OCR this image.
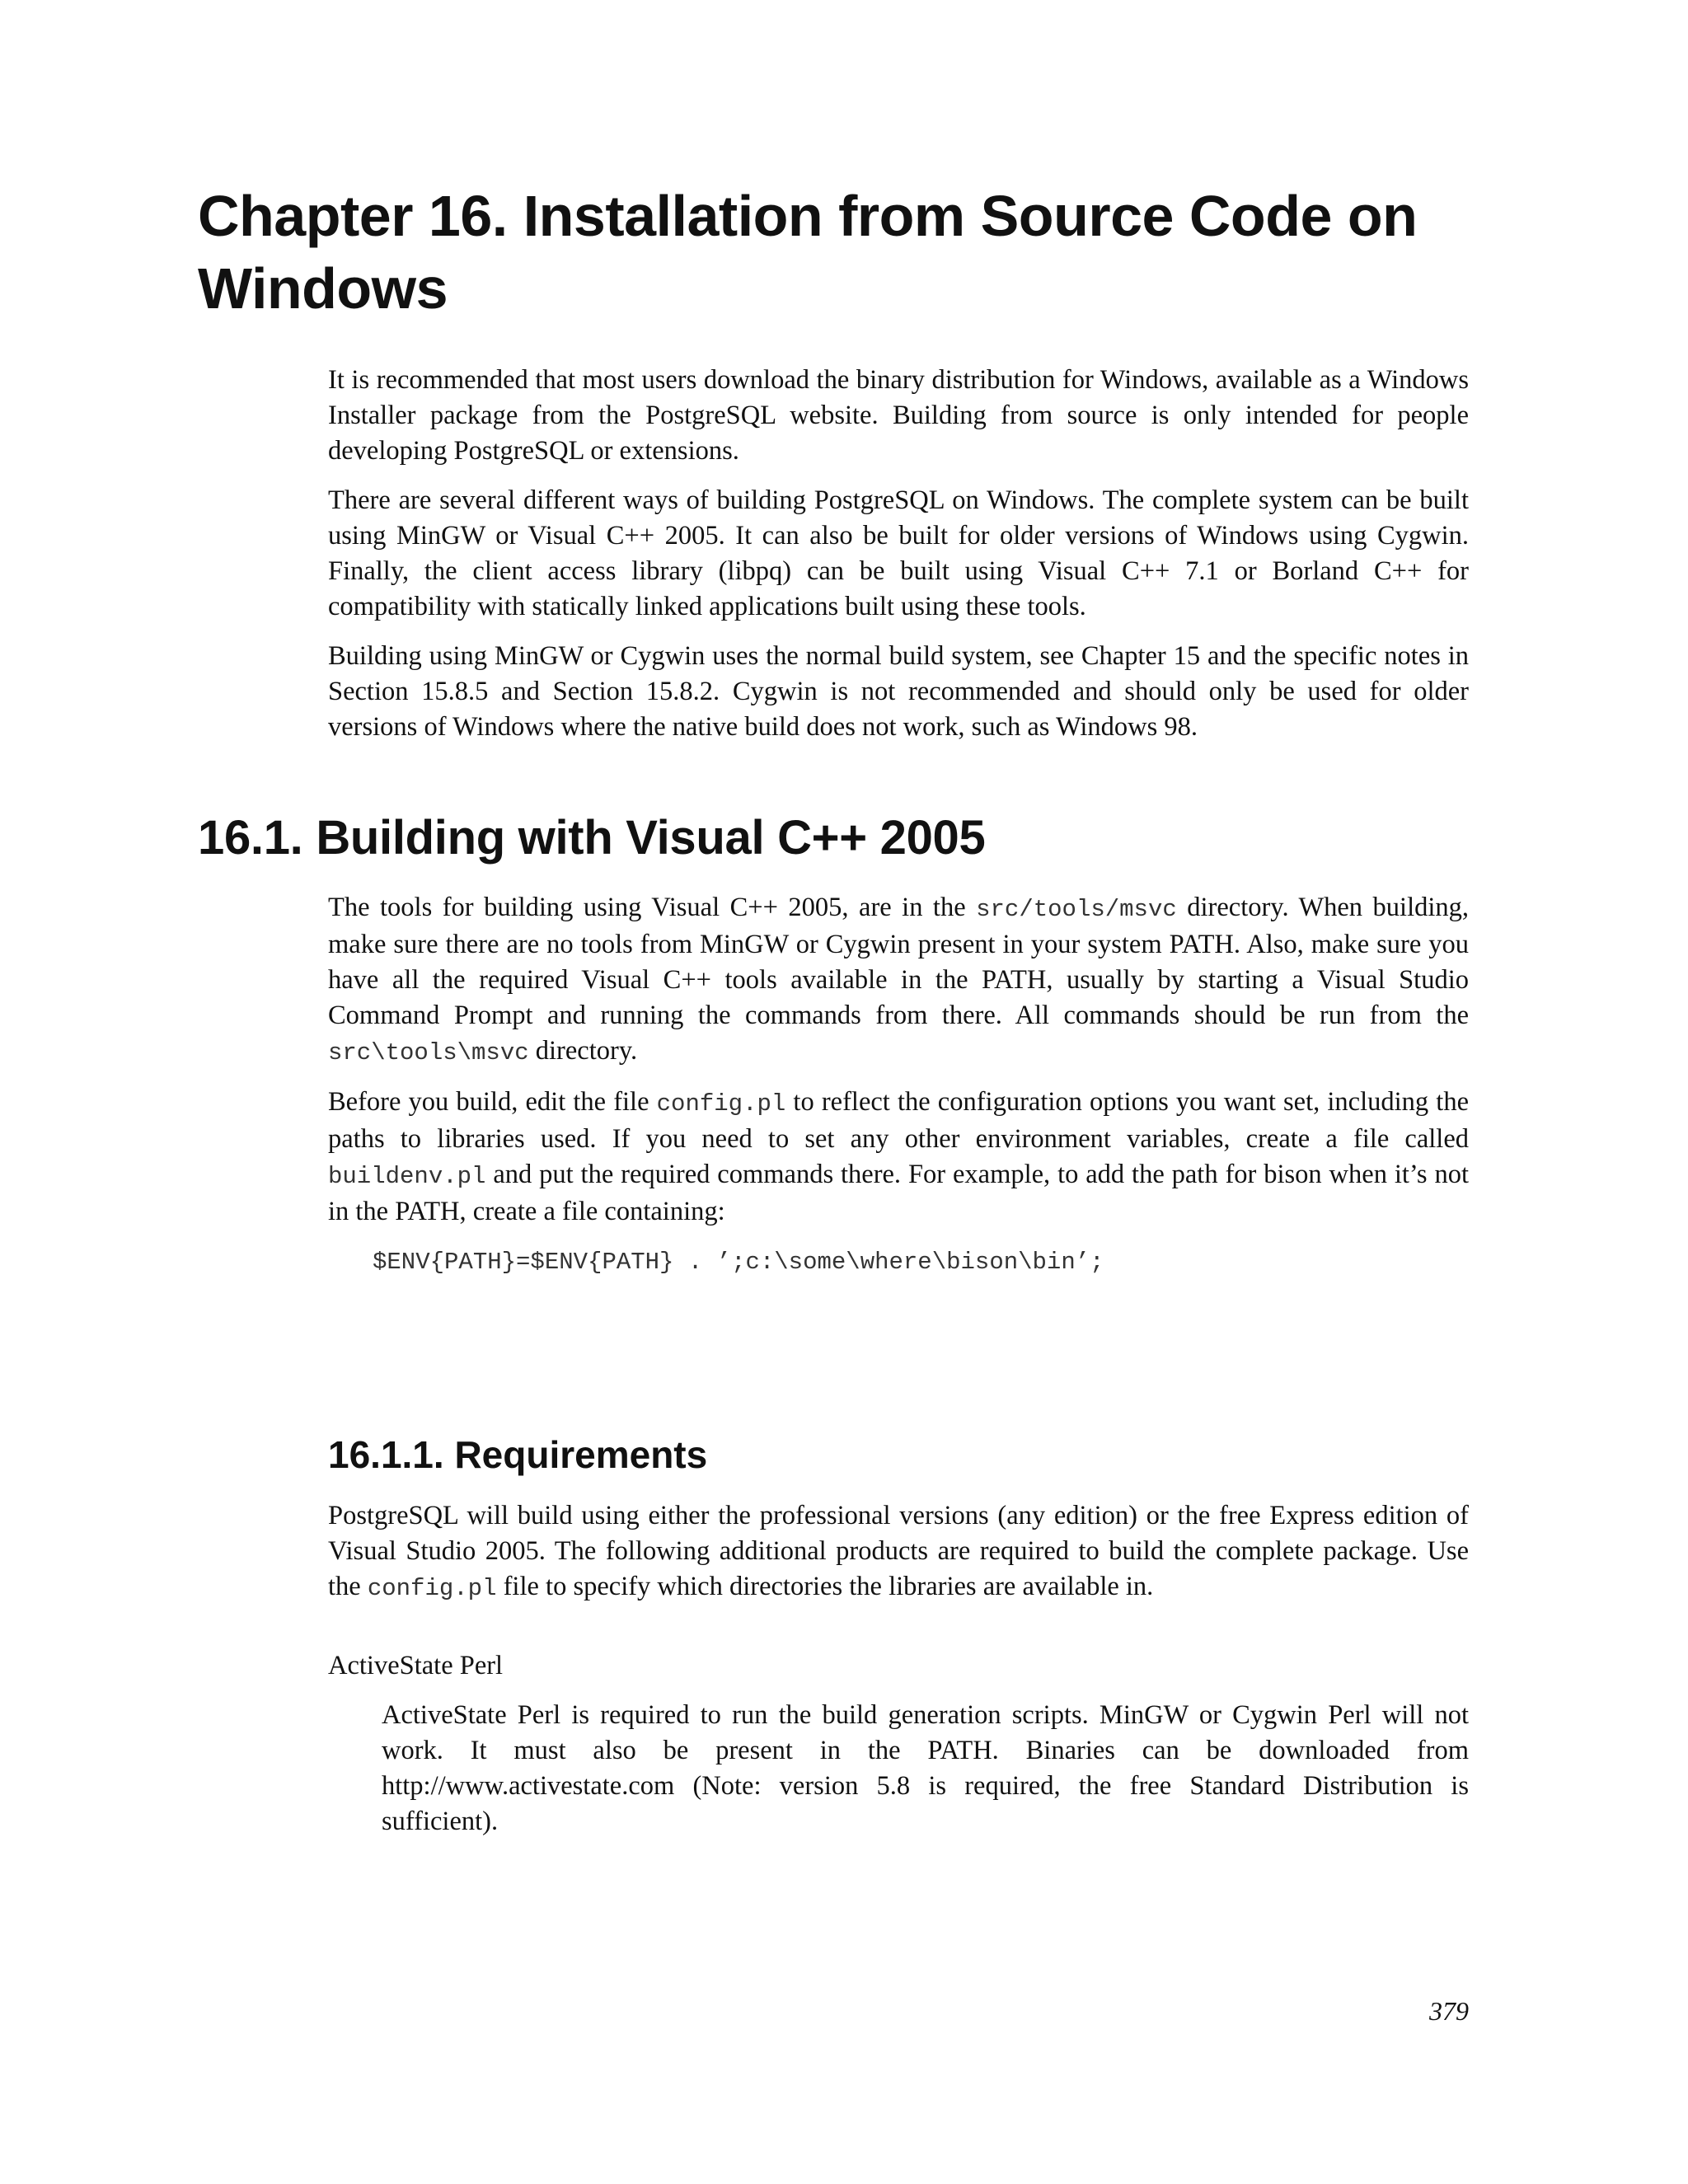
Chapter 16. Installation from Source Code on Windows

It is recommended that most users download the binary distribution for Windows, available as a Windows Installer package from the PostgreSQL website. Building from source is only intended for people developing PostgreSQL or extensions.

There are several different ways of building PostgreSQL on Windows. The complete system can be built using MinGW or Visual C++ 2005. It can also be built for older versions of Windows using Cygwin. Finally, the client access library (libpq) can be built using Visual C++ 7.1 or Borland C++ for compatibility with statically linked applications built using these tools.

Building using MinGW or Cygwin uses the normal build system, see Chapter 15 and the specific notes in Section 15.8.5 and Section 15.8.2. Cygwin is not recommended and should only be used for older versions of Windows where the native build does not work, such as Windows 98.

16.1. Building with Visual C++ 2005

The tools for building using Visual C++ 2005, are in the src/tools/msvc directory. When building, make sure there are no tools from MinGW or Cygwin present in your system PATH. Also, make sure you have all the required Visual C++ tools available in the PATH, usually by starting a Visual Studio Command Prompt and running the commands from there. All commands should be run from the src\tools\msvc directory.

Before you build, edit the file config.pl to reflect the configuration options you want set, including the paths to libraries used. If you need to set any other environment variables, create a file called buildenv.pl and put the required commands there. For example, to add the path for bison when it’s not in the PATH, create a file containing:

$ENV{PATH}=$ENV{PATH} . ’;c:\some\where\bison\bin’;
16.1.1. Requirements

PostgreSQL will build using either the professional versions (any edition) or the free Express edition of Visual Studio 2005. The following additional products are required to build the complete package. Use the config.pl file to specify which directories the libraries are available in.

ActiveState Perl
ActiveState Perl is required to run the build generation scripts. MinGW or Cygwin Perl will not work. It must also be present in the PATH. Binaries can be downloaded from http://www.activestate.com (Note: version 5.8 is required, the free Standard Distribution is sufficient).
379
